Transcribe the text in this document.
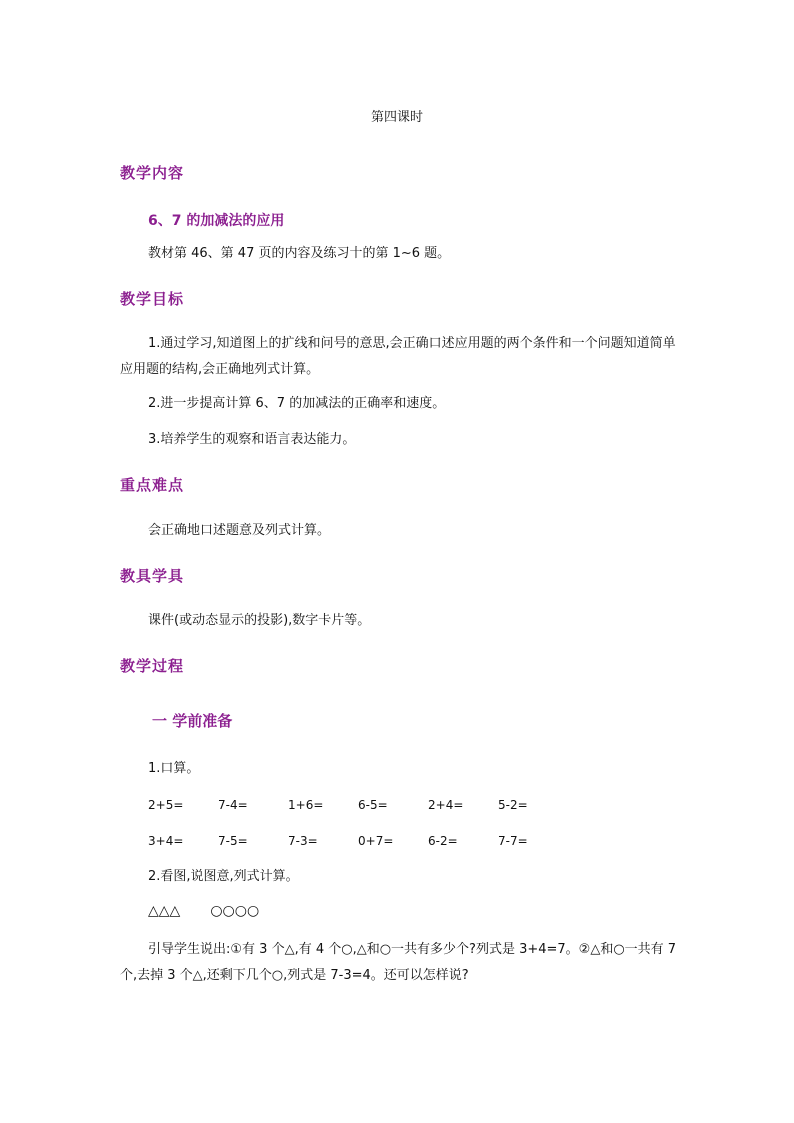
第四课时
教学内容
6、7 的加减法的应用
教材第 46、第 47 页的内容及练习十的第 1~6 题。
教学目标
1.通过学习,知道图上的扩线和问号的意思,会正确口述应用题的两个条件和一个问题知道简单应用题的结构,会正确地列式计算。
2.进一步提高计算 6、7 的加减法的正确率和速度。
3.培养学生的观察和语言表达能力。
重点难点
会正确地口述题意及列式计算。
教具学具
课件(或动态显示的投影),数字卡片等。
教学过程
一 学前准备
1.口算。
2+5=	7-4=	1+6=	6-5=	2+4=	5-2=
3+4=	7-5=	7-3=	0+7=	6-2=	7-7=
2.看图,说图意,列式计算。
△△△ ○○○○
引导学生说出:①有 3 个△,有 4 个○,△和○一共有多少个?列式是 3+4=7。②△和○一共有 7 个,去掉 3 个△,还剩下几个○,列式是 7-3=4。还可以怎样说?
